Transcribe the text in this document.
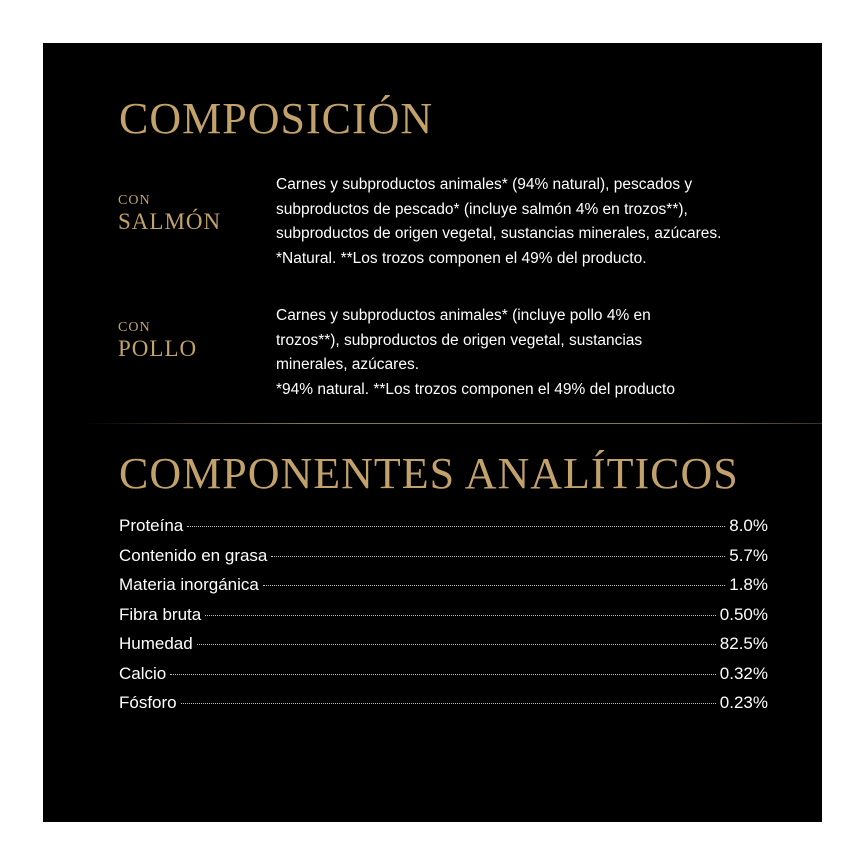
COMPOSICIÓN
CON
SALMÓN

Carnes y subproductos animales* (94% natural), pescados y
subproductos de pescado* (incluye salmón 4% en trozos**),
subproductos de origen vegetal, sustancias minerales, azúcares.
*Natural. **Los trozos componen el 49% del producto.

CON
POLLO

Carnes y subproductos animales* (incluye pollo 4% en
trozos**), subproductos de origen vegetal, sustancias
minerales, azúcares.
*94% natural. **Los trozos componen el 49% del producto

COMPONENTES ANALÍTICOS
Proteína	8.0%
Contenido en grasa	5.7%
Materia inorgánica	1.8%
Fibra bruta	0.50%
Humedad	82.5%
Calcio	0.32%
Fósforo	0.23%
